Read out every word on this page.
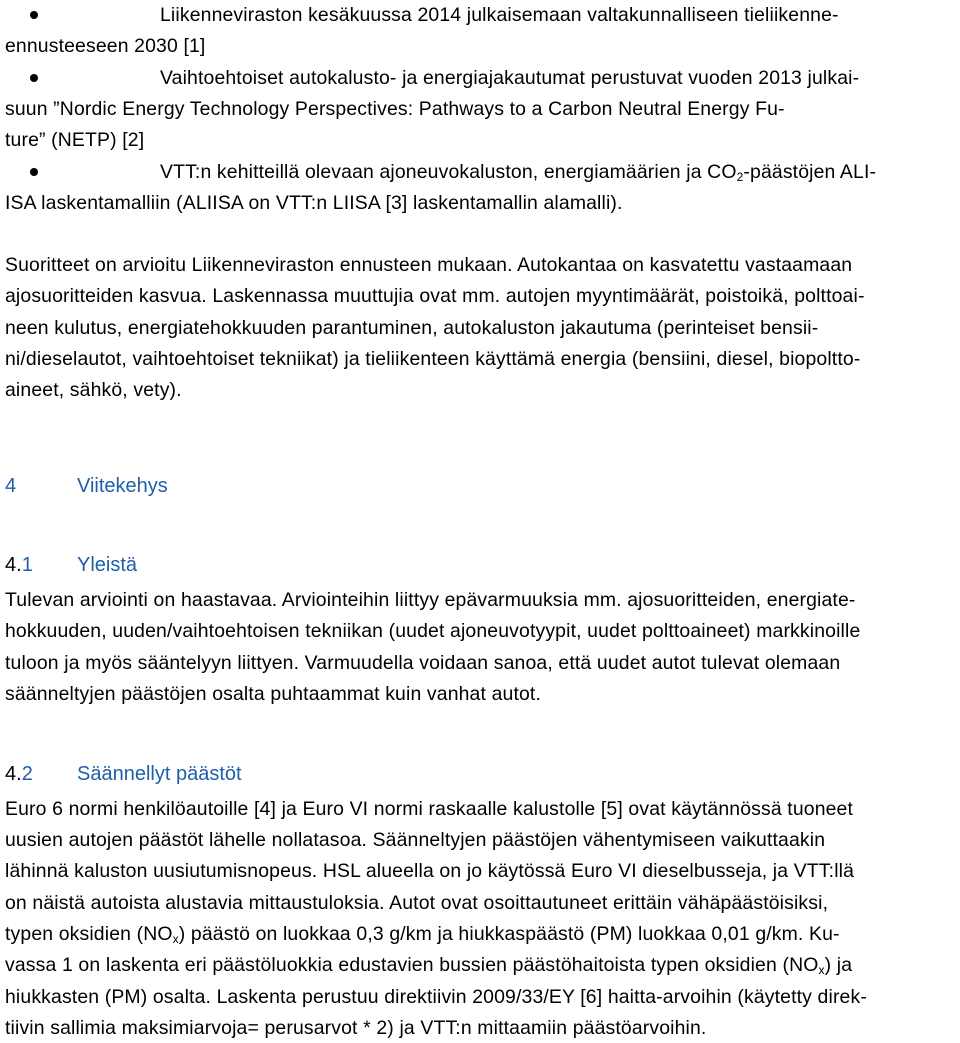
Liikenneviraston kesäkuussa 2014 julkaisemaan valtakunnalliseen tieliikenne-
ennusteeseen 2030 [1]
Vaihtoehtoiset autokalusto- ja energiajakautumat perustuvat vuoden 2013 julkai-
suun ”Nordic Energy Technology Perspectives: Pathways to a Carbon Neutral Energy Fu-
ture” (NETP) [2]
VTT:n kehitteillä olevaan ajoneuvokaluston, energiamäärien ja $CO_2$-päästöjen ALI-
ISA laskentamalliin (ALIISA on VTT:n LIISA [3] laskentamallin alamalli).
Suoritteet on arvioitu Liikenneviraston ennusteen mukaan. Autokantaa on kasvatettu vastaamaan
ajosuoritteiden kasvua. Laskennassa muuttujia ovat mm. autojen myyntimäärät, poistoikä, polttoai-
neen kulutus, energiatehokkuuden parantuminen, autokaluston jakautuma (perinteiset bensii-
ni/dieselautot, vaihtoehtoiset tekniikat) ja tieliikenteen käyttämä energia (bensiini, diesel, biopoltto-
aineet, sähkö, vety).
4	Viitekehys
4.1 Yleistä
Tulevan arviointi on haastavaa. Arviointeihin liittyy epävarmuuksia mm. ajosuoritteiden, energiate-
hokkuuden, uuden/vaihtoehtoisen tekniikan (uudet ajoneuvotyypit, uudet polttoaineet) markkinoille
tuloon ja myös sääntelyyn liittyen. Varmuudella voidaan sanoa, että uudet autot tulevat olemaan
säänneltyjen päästöjen osalta puhtaammat kuin vanhat autot.
4.2 Säännellyt päästöt
Euro 6 normi henkilöautoille [4] ja Euro VI normi raskaalle kalustolle [5] ovat käytännössä tuoneet
uusien autojen päästöt lähelle nollatasoa. Säänneltyjen päästöjen vähentymiseen vaikuttaakin
lähinnä kaluston uusiutumisnopeus. HSL alueella on jo käytössä Euro VI dieselbusseja, ja VTT:llä
on näistä autoista alustavia mittaustuloksia. Autot ovat osoittautuneet erittäin vähäpäästöisiksi,
typen oksidien $(NO_x)$ päästö on luokkaa 0,3 g/km ja hiukkaspäästö (PM) luokkaa 0,01 g/km. Ku-
vassa 1 on laskenta eri päästöluokkia edustavien bussien päästöhaitoista typen oksidien $(NO_x)$ ja
hiukkasten (PM) osalta. Laskenta perustuu direktiivin 2009/33/EY [6] haitta-arvoihin (käytetty direk-
tiivin sallimia maksimiarvoja= perusarvot * 2) ja VTT:n mittaamiin päästöarvoihin.
